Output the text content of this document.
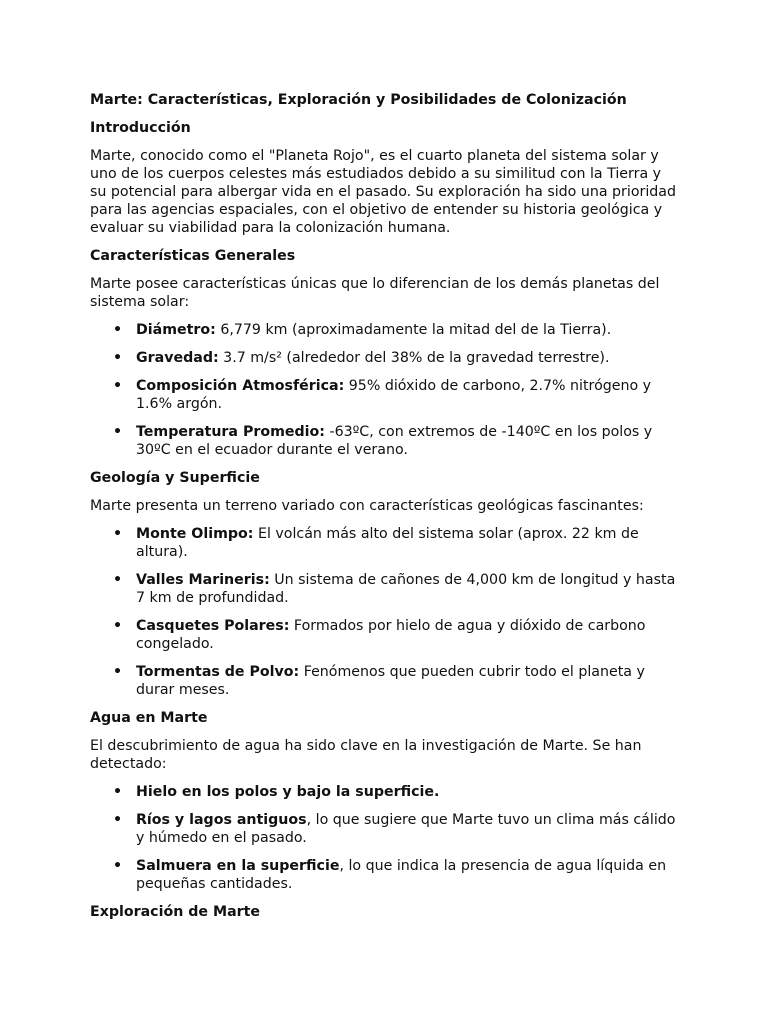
Marte: Características, Exploración y Posibilidades de Colonización
Introducción

Marte, conocido como el "Planeta Rojo", es el cuarto planeta del sistema solar y uno de los cuerpos celestes más estudiados debido a su similitud con la Tierra y su potencial para albergar vida en el pasado. Su exploración ha sido una prioridad para las agencias espaciales, con el objetivo de entender su historia geológica y evaluar su viabilidad para la colonización humana.

Características Generales

Marte posee características únicas que lo diferencian de los demás planetas del sistema solar:

• Diámetro: 6,779 km (aproximadamente la mitad del de la Tierra).
• Gravedad: 3.7 m/s² (alrededor del 38% de la gravedad terrestre).
• Composición Atmosférica: 95% dióxido de carbono, 2.7% nitrógeno y 1.6% argón.
• Temperatura Promedio: -63ºC, con extremos de -140ºC en los polos y 30ºC en el ecuador durante el verano.
Geología y Superficie

Marte presenta un terreno variado con características geológicas fascinantes:

• Monte Olimpo: El volcán más alto del sistema solar (aprox. 22 km de altura).
• Valles Marineris: Un sistema de cañones de 4,000 km de longitud y hasta 7 km de profundidad.
• Casquetes Polares: Formados por hielo de agua y dióxido de carbono congelado.
• Tormentas de Polvo: Fenómenos que pueden cubrir todo el planeta y durar meses.
Agua en Marte

El descubrimiento de agua ha sido clave en la investigación de Marte. Se han detectado:

• Hielo en los polos y bajo la superficie.
• Ríos y lagos antiguos, lo que sugiere que Marte tuvo un clima más cálido y húmedo en el pasado.
• Salmuera en la superficie, lo que indica la presencia de agua líquida en pequeñas cantidades.
Exploración de Marte
